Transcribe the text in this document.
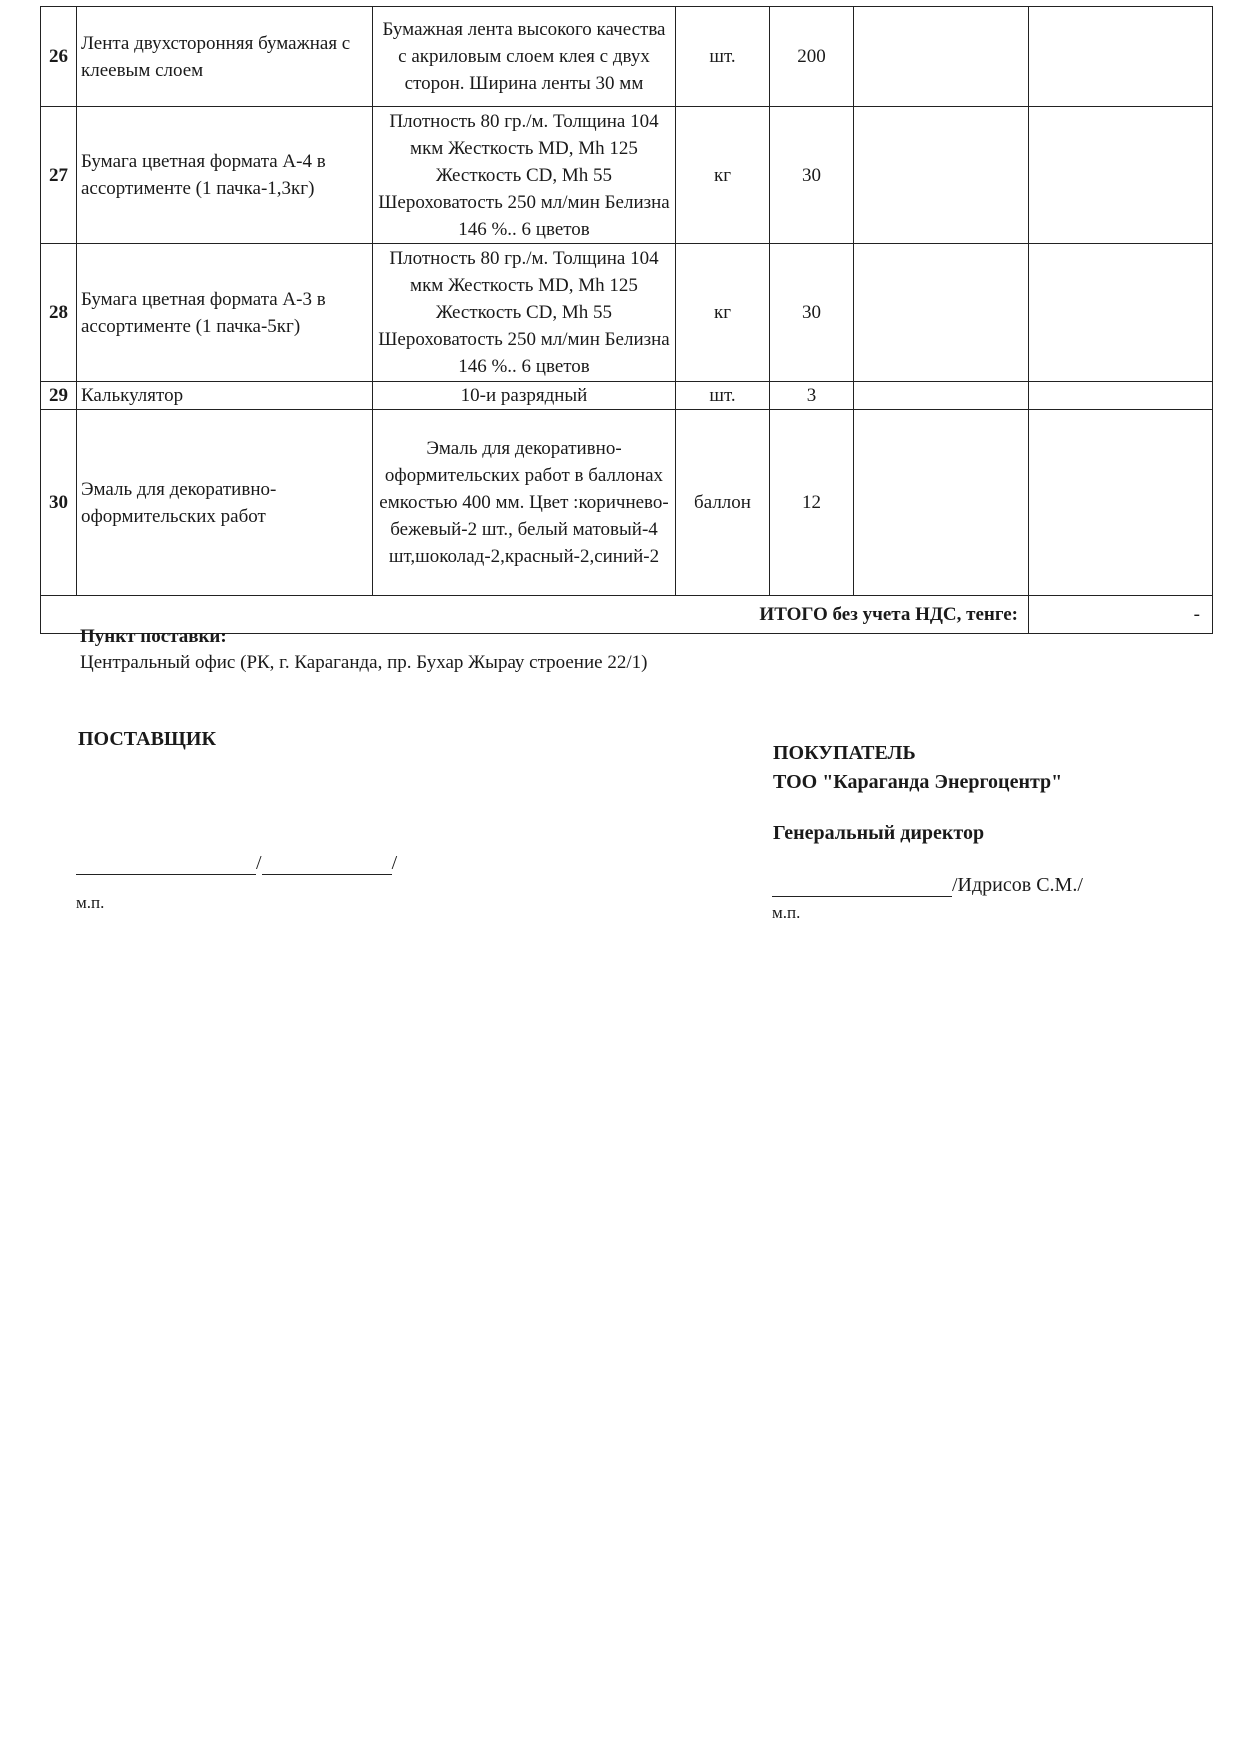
26	Лента двухсторонняя бумажная с клеевым слоем	Бумажная лента высокого качества с акриловым слоем клея с двух сторон. Ширина ленты 30 мм	шт.	200		
27	Бумага цветная формата А-4 в ассортименте (1 пачка-1,3кг)	Плотность 80 гр./м. Толщина 104 мкм Жесткость MD, Mh 125 Жесткость CD, Mh 55 Шероховатость 250 мл/мин Белизна 146 %.. 6 цветов	кг	30		
28	Бумага цветная формата А-3 в ассортименте (1 пачка-5кг)	Плотность 80 гр./м. Толщина 104 мкм Жесткость MD, Mh 125 Жесткость CD, Mh 55 Шероховатость 250 мл/мин Белизна 146 %.. 6 цветов	кг	30		
29	Калькулятор	10-и разрядный	шт.	3		
30	Эмаль для декоративно-оформительских работ	Эмаль для декоративно-оформительских работ в баллонах емкостью 400 мм. Цвет :коричнево-бежевый-2 шт., белый матовый-4 шт,шоколад-2,красный-2,синий-2	баллон	12		
	ИТОГО без учета НДС, тенге:					-
Пункт поставки:
Центральный офис (РК, г. Караганда, пр. Бухар Жырау строение 22/1)
ПОСТАВЩИК
/	/
м.п.
ПОКУПАТЕЛЬ
ТОО "Караганда Энергоцентр"
Генеральный директор
/Идрисов С.М./
м.п.
